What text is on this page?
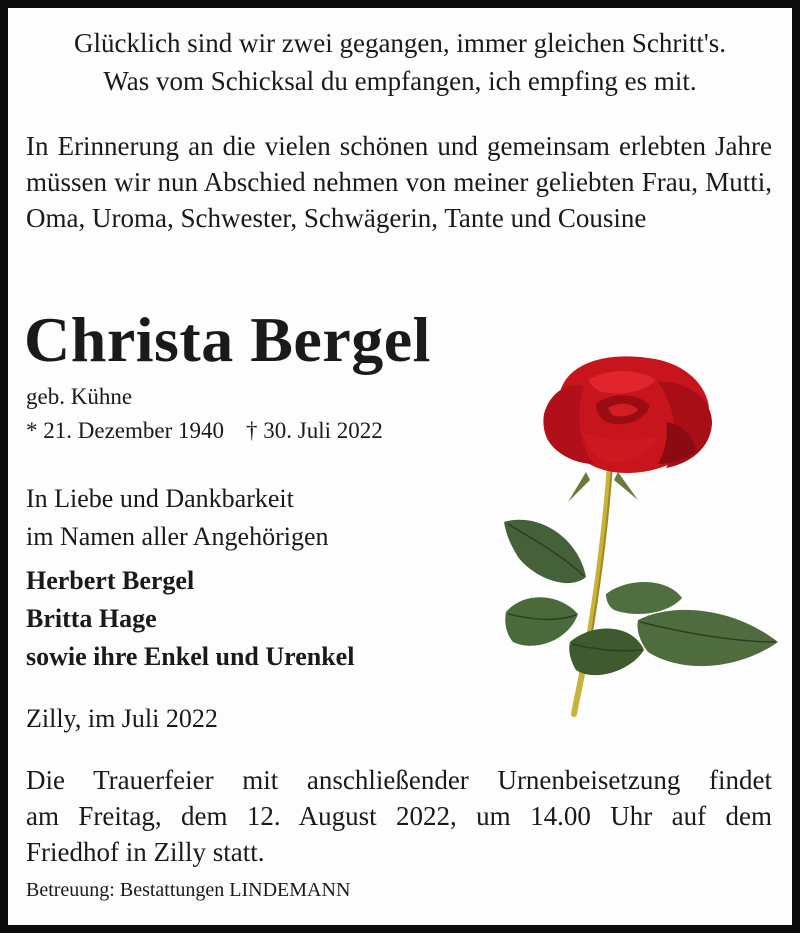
Glücklich sind wir zwei gegangen, immer gleichen Schritt's.
Was vom Schicksal du empfangen, ich empfing es mit.
In Erinnerung an die vielen schönen und gemeinsam erlebten Jahre müssen wir nun Abschied nehmen von meiner geliebten Frau, Mutti, Oma, Uroma, Schwester, Schwägerin, Tante und Cousine
Christa Bergel
geb. Kühne
* 21. Dezember 1940 † 30. Juli 2022
In Liebe und Dankbarkeit
im Namen aller Angehörigen
Herbert Bergel
Britta Hage
sowie ihre Enkel und Urenkel
Zilly, im Juli 2022
Die Trauerfeier mit anschließender Urnenbeisetzung findet
am Freitag, dem 12. August 2022, um 14.00 Uhr auf dem
Friedhof in Zilly statt.
Betreuung: Bestattungen LINDEMANN
